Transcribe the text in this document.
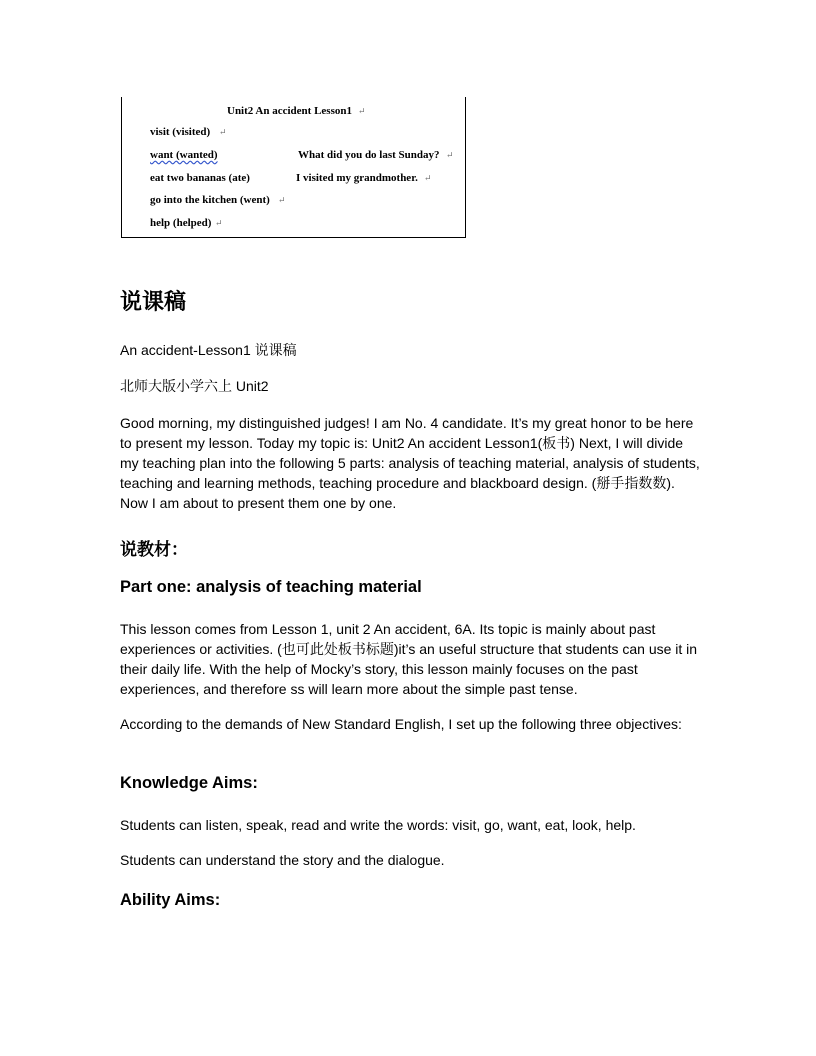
Unit2 An accident Lesson1 ↵
visit (visited) ↵
want (wanted)	What did you do last Sunday? ↵
eat two bananas (ate)	I visited my grandmother. ↵
go into the kitchen (went) ↵
help (helped) ↵
说课稿
An accident-Lesson1 说课稿
北师大版小学六上 Unit2
Good morning, my distinguished judges! I am No. 4 candidate. It’s my great honor to be here to present my lesson. Today my topic is: Unit2 An accident Lesson1(板书) Next, I will divide my teaching plan into the following 5 parts: analysis of teaching material, analysis of students, teaching and learning methods, teaching procedure and blackboard design. (掰手指数数). Now I am about to present them one by one.
说教材：
Part one: analysis of teaching material
This lesson comes from Lesson 1, unit 2 An accident, 6A. Its topic is mainly about past experiences or activities. (也可此处板书标题)it’s an useful structure that students can use it in their daily life. With the help of Mocky’s story, this lesson mainly focuses on the past experiences, and therefore ss will learn more about the simple past tense.
According to the demands of New Standard English, I set up the following three objectives:
Knowledge Aims:
Students can listen, speak, read and write the words: visit, go, want, eat, look, help.
Students can understand the story and the dialogue.
Ability Aims:
